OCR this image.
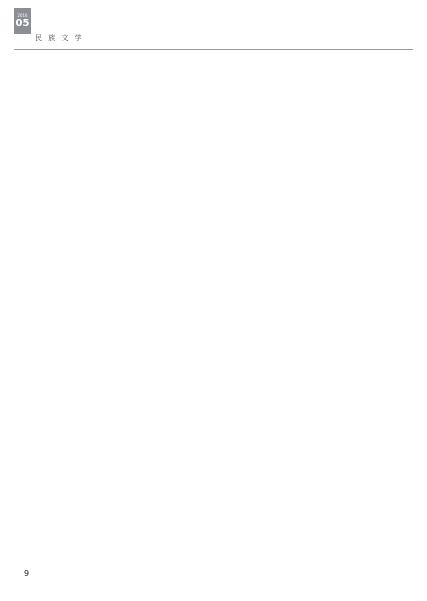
2016
05
民 族 文 学
9
